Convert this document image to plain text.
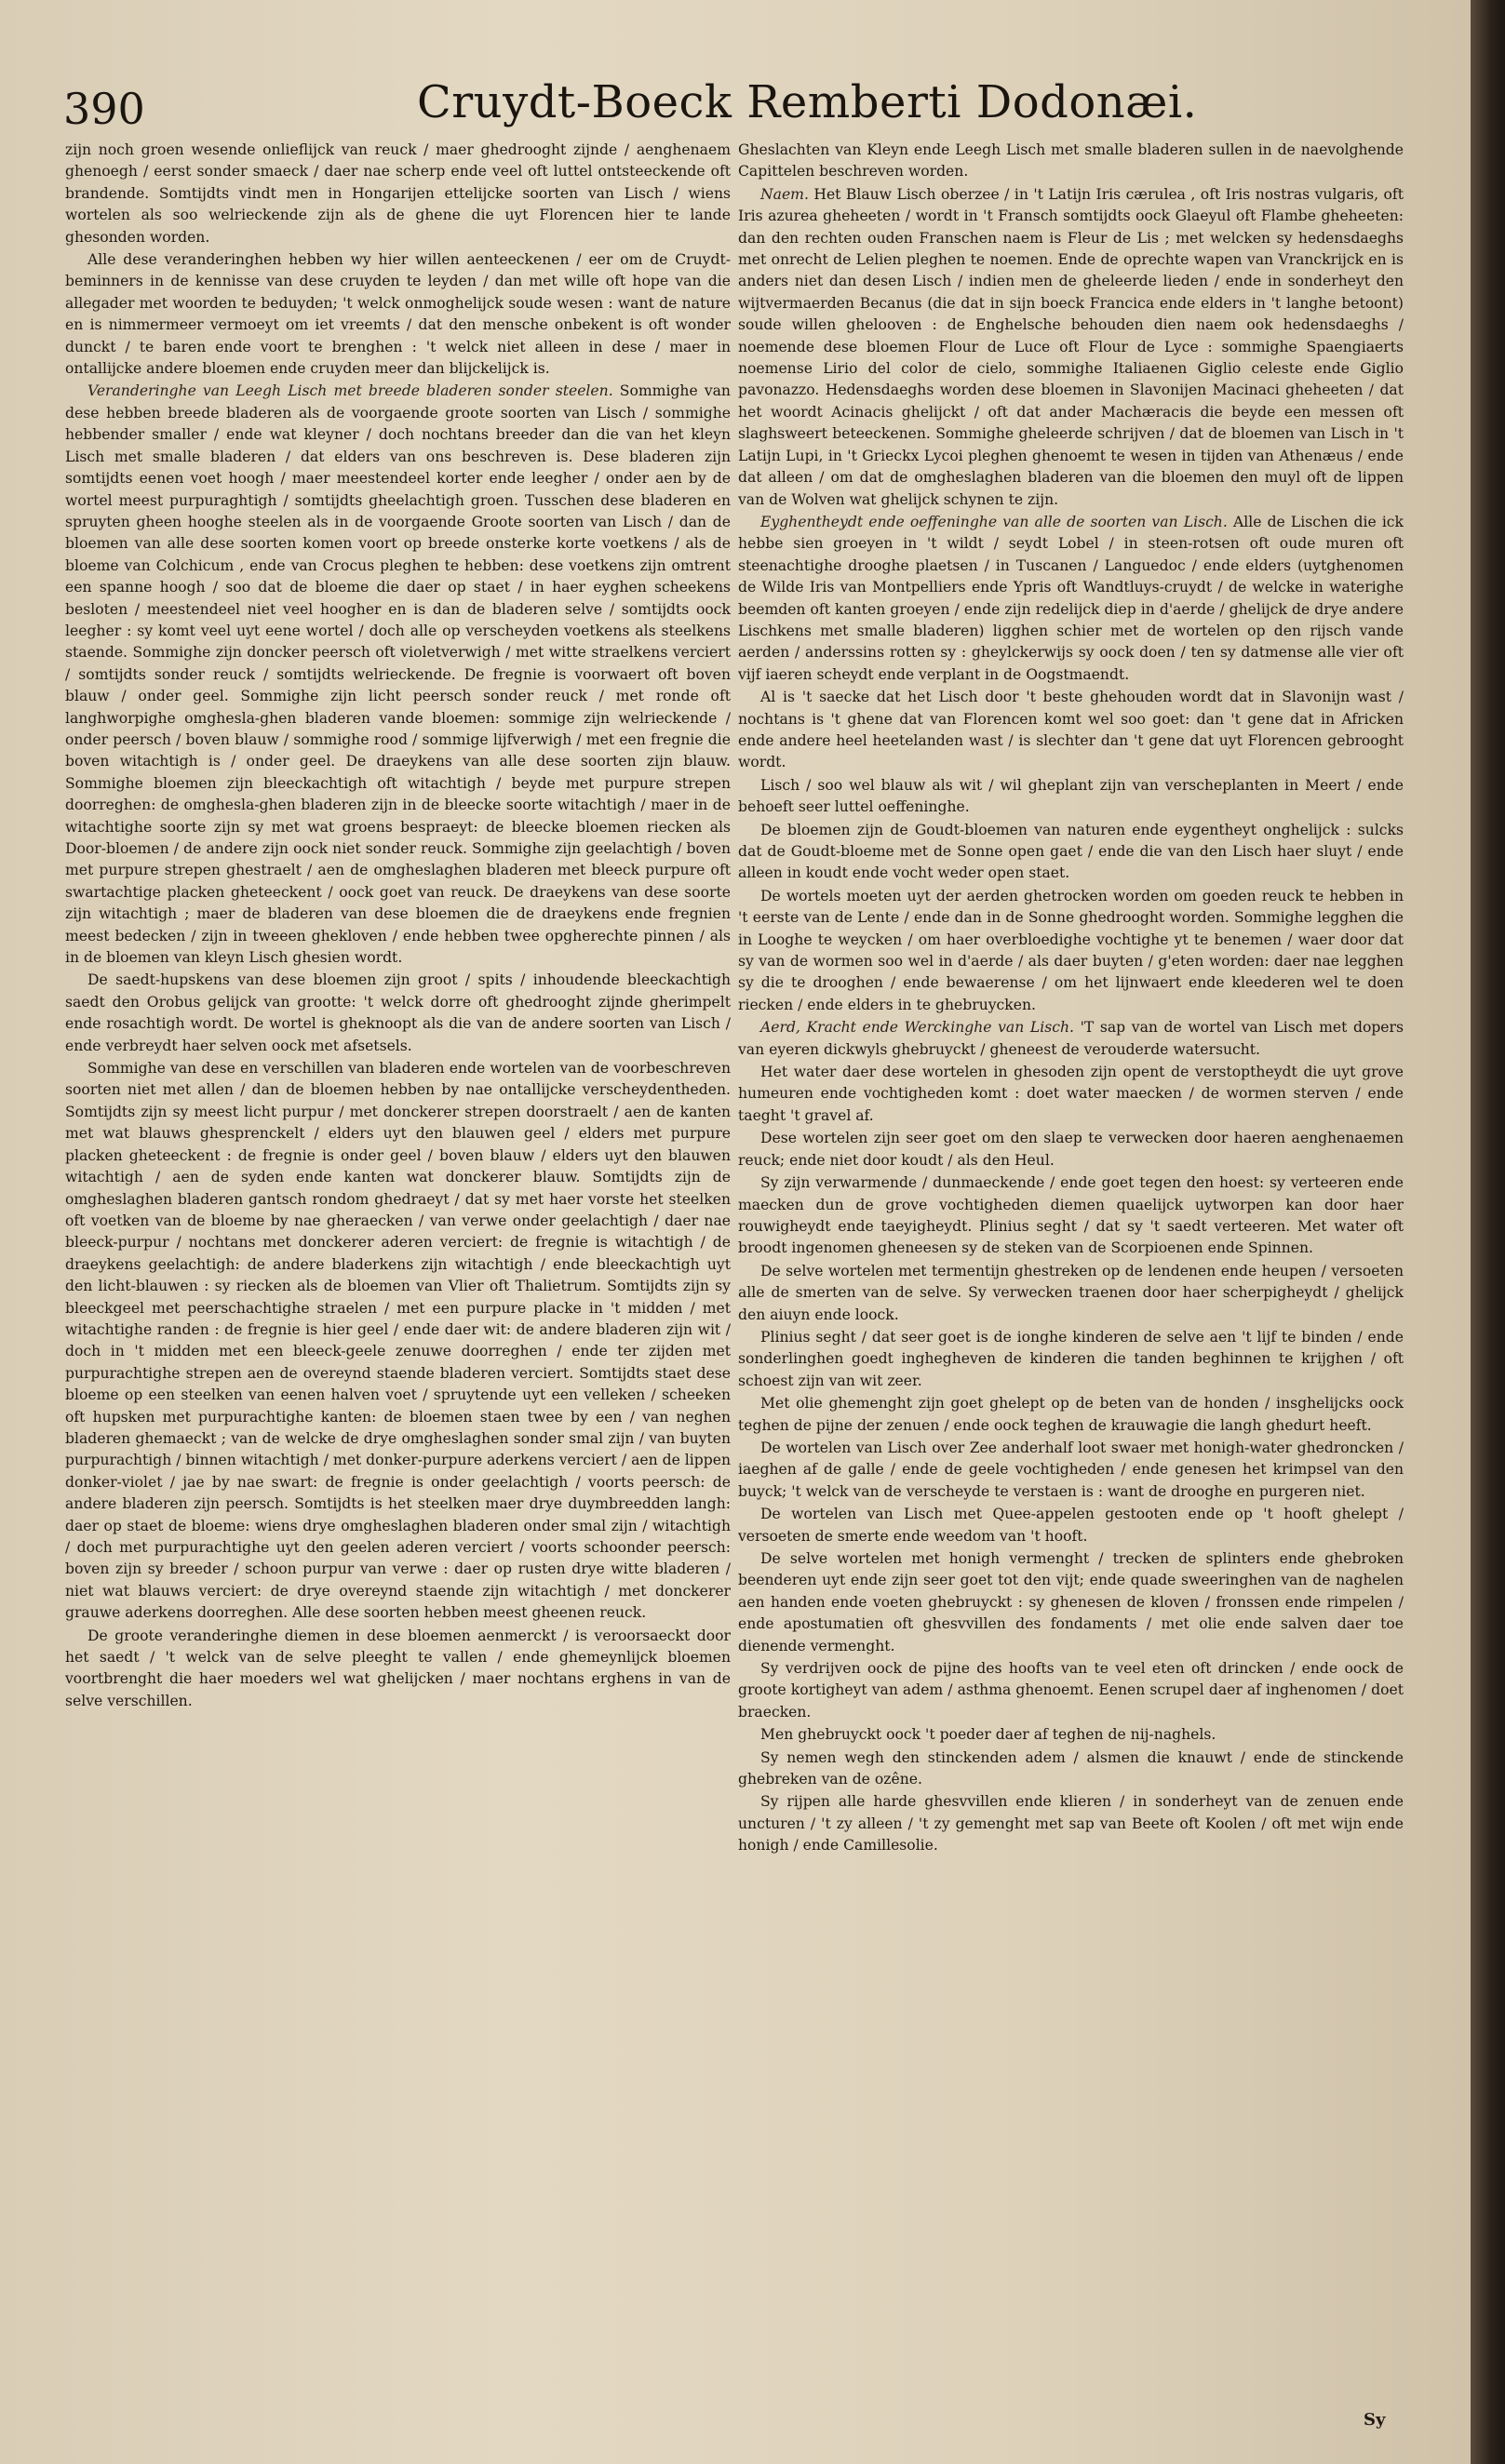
390	Cruydt-Boeck Remberti Dodonæi.

zijn noch groen wesende onlieflijck van reuck / maer ghedrooght zijnde / aenghenaem ghenoegh / eerst sonder smaeck / daer nae scherp ende veel oft luttel ontsteeckende oft brandende. Somtijdts vindt men in Hongarijen ettelijcke soorten van Lisch / wiens wortelen als soo welrieckende zijn als de ghene die uyt Florencen hier te lande ghesonden worden.

Alle dese veranderinghen hebben wy hier willen aenteeckenen / eer om de Cruydt-beminners in de kennisse van dese cruyden te leyden / dan met wille oft hope van die allegader met woorden te beduyden; 't welck onmoghelijck soude wesen : want de nature en is nimmermeer vermoeyt om iet vreemts / dat den mensche onbekent is oft wonder dunckt / te baren ende voort te brenghen : 't welck niet alleen in dese / maer in ontallijcke andere bloemen ende cruyden meer dan blijckelijck is.

Veranderinghe van Leegh Lisch met breede bladeren sonder steelen. Sommighe van dese hebben breede bladeren als de voorgaende groote soorten van Lisch / sommighe hebbender smaller / ende wat kleyner / doch nochtans breeder dan die van het kleyn Lisch met smalle bladeren / dat elders van ons beschreven is. Dese bladeren zijn somtijdts eenen voet hoogh / maer meestendeel korter ende leegher / onder aen by de wortel meest purpuraghtigh / somtijdts gheelachtigh groen. Tusschen dese bladeren en spruyten gheen hooghe steelen als in de voorgaende Groote soorten van Lisch / dan de bloemen van alle dese soorten komen voort op breede onsterke korte voetkens / als de bloeme van Colchicum , ende van Crocus pleghen te hebben: dese voetkens zijn omtrent een spanne hoogh / soo dat de bloeme die daer op staet / in haer eyghen scheekens besloten / meestendeel niet veel hoogher en is dan de bladeren selve / somtijdts oock leegher : sy komt veel uyt eene wortel / doch alle op verscheyden voetkens als steelkens staende. Sommighe zijn doncker peersch oft violetverwigh / met witte straelkens verciert / somtijdts sonder reuck / somtijdts welrieckende. De fregnie is voorwaert oft boven blauw / onder geel. Sommighe zijn licht peersch sonder reuck / met ronde oft langhworpighe omghesla-ghen bladeren vande bloemen: sommige zijn welrieckende / onder peersch / boven blauw / sommighe rood / sommige lijfverwigh / met een fregnie die boven witachtigh is / onder geel. De draeykens van alle dese soorten zijn blauw. Sommighe bloemen zijn bleeckachtigh oft witachtigh / beyde met purpure strepen doorreghen: de omghesla-ghen bladeren zijn in de bleecke soorte witachtigh / maer in de witachtighe soorte zijn sy met wat groens bespraeyt: de bleecke bloemen riecken als Door-bloemen / de andere zijn oock niet sonder reuck. Sommighe zijn geelachtigh / boven met purpure strepen ghestraelt / aen de omgheslaghen bladeren met bleeck purpure oft swartachtige placken gheteeckent / oock goet van reuck. De draeykens van dese soorte zijn witachtigh ; maer de bladeren van dese bloemen die de draeykens ende fregnien meest bedecken / zijn in tweeen ghekloven / ende hebben twee opgherechte pinnen / als in de bloemen van kleyn Lisch ghesien wordt.

De saedt-hupskens van dese bloemen zijn groot / spits / inhoudende bleeckachtigh saedt den Orobus gelijck van grootte: 't welck dorre oft ghedrooght zijnde gherimpelt ende rosachtigh wordt. De wortel is gheknoopt als die van de andere soorten van Lisch / ende verbreydt haer selven oock met afsetsels.

Sommighe van dese en verschillen van bladeren ende wortelen van de voorbeschreven soorten niet met allen / dan de bloemen hebben by nae ontallijcke verscheydentheden. Somtijdts zijn sy meest licht purpur / met donckerer strepen doorstraelt / aen de kanten met wat blauws ghesprenckelt / elders uyt den blauwen geel / elders met purpure placken gheteeckent : de fregnie is onder geel / boven blauw / elders uyt den blauwen witachtigh / aen de syden ende kanten wat donckerer blauw. Somtijdts zijn de omgheslaghen bladeren gantsch rondom ghedraeyt / dat sy met haer vorste het steelken oft voetken van de bloeme by nae gheraecken / van verwe onder geelachtigh / daer nae bleeck-purpur / nochtans met donckerer aderen verciert: de fregnie is witachtigh / de draeykens geelachtigh: de andere bladerkens zijn witachtigh / ende bleeckachtigh uyt den licht-blauwen : sy riecken als de bloemen van Vlier oft Thalietrum. Somtijdts zijn sy bleeckgeel met peerschachtighe straelen / met een purpure placke in 't midden / met witachtighe randen : de fregnie is hier geel / ende daer wit: de andere bladeren zijn wit / doch in 't midden met een bleeck-geele zenuwe doorreghen / ende ter zijden met purpurachtighe strepen aen de overeynd staende bladeren verciert. Somtijdts staet dese bloeme op een steelken van eenen halven voet / spruytende uyt een velleken / scheeken oft hupsken met purpurachtighe kanten: de bloemen staen twee by een / van neghen bladeren ghemaeckt ; van de welcke de drye omgheslaghen sonder smal zijn / van buyten purpurachtigh / binnen witachtigh / met donker-purpure aderkens verciert / aen de lippen donker-violet / jae by nae swart: de fregnie is onder geelachtigh / voorts peersch: de andere bladeren zijn peersch. Somtijdts is het steelken maer drye duymbreedden langh: daer op staet de bloeme: wiens drye omgheslaghen bladeren onder smal zijn / witachtigh / doch met purpurachtighe uyt den geelen aderen verciert / voorts schoonder peersch: boven zijn sy breeder / schoon purpur van verwe : daer op rusten drye witte bladeren / niet wat blauws verciert: de drye overeynd staende zijn witachtigh / met donckerer grauwe aderkens doorreghen. Alle dese soorten hebben meest gheenen reuck.

De groote veranderinghe diemen in dese bloemen aenmerckt / is veroorsaeckt door het saedt / 't welck van de selve pleeght te vallen / ende ghemeynlijck bloemen voortbrenght die haer moeders wel wat ghelijcken / maer nochtans erghens in van de selve verschillen.

Gheslachten van Kleyn ende Leegh Lisch met smalle bladeren sullen in de naevolghende Capittelen beschreven worden.

Naem. Het Blauw Lisch oberzee / in 't Latijn Iris cærulea , oft Iris nostras vulgaris, oft Iris azurea gheheeten / wordt in 't Fransch somtijdts oock Glaeyul oft Flambe gheheeten: dan den rechten ouden Franschen naem is Fleur de Lis ; met welcken sy hedensdaeghs met onrecht de Lelien pleghen te noemen. Ende de oprechte wapen van Vranckrijck en is anders niet dan desen Lisch / indien men de gheleerde lieden / ende in sonderheyt den wijtvermaerden Becanus (die dat in sijn boeck Francica ende elders in 't langhe betoont) soude willen ghelooven : de Enghelsche behouden dien naem ook hedensdaeghs / noemende dese bloemen Flour de Luce oft Flour de Lyce : sommighe Spaengiaerts noemense Lirio del color de cielo, sommighe Italiaenen Giglio celeste ende Giglio pavonazzo. Hedensdaeghs worden dese bloemen in Slavonijen Macinaci gheheeten / dat het woordt Acinacis ghelijckt / oft dat ander Machæracis die beyde een messen oft slaghsweert beteeckenen. Sommighe gheleerde schrijven / dat de bloemen van Lisch in 't Latijn Lupi, in 't Grieckx Lycoi pleghen ghenoemt te wesen in tijden van Athenæus / ende dat alleen / om dat de omgheslaghen bladeren van die bloemen den muyl oft de lippen van de Wolven wat ghelijck schynen te zijn.

Eyghentheydt ende oeffeninghe van alle de soorten van Lisch. Alle de Lischen die ick hebbe sien groeyen in 't wildt / seydt Lobel / in steen-rotsen oft oude muren oft steenachtighe drooghe plaetsen / in Tuscanen / Languedoc / ende elders (uytghenomen de Wilde Iris van Montpelliers ende Ypris oft Wandtluys-cruydt / de welcke in waterighe beemden oft kanten groeyen / ende zijn redelijck diep in d'aerde / ghelijck de drye andere Lischkens met smalle bladeren) ligghen schier met de wortelen op den rijsch vande aerden / anderssins rotten sy : gheylckerwijs sy oock doen / ten sy datmense alle vier oft vijf iaeren scheydt ende verplant in de Oogstmaendt.

Al is 't saecke dat het Lisch door 't beste ghehouden wordt dat in Slavonijn wast / nochtans is 't ghene dat van Florencen komt wel soo goet: dan 't gene dat in Africken ende andere heel heetelanden wast / is slechter dan 't gene dat uyt Florencen gebrooght wordt.

Lisch / soo wel blauw als wit / wil gheplant zijn van verscheplanten in Meert / ende behoeft seer luttel oeffeninghe.

De bloemen zijn de Goudt-bloemen van naturen ende eygentheyt onghelijck : sulcks dat de Goudt-bloeme met de Sonne open gaet / ende die van den Lisch haer sluyt / ende alleen in koudt ende vocht weder open staet.

De wortels moeten uyt der aerden ghetrocken worden om goeden reuck te hebben in 't eerste van de Lente / ende dan in de Sonne ghedrooght worden. Sommighe legghen die in Looghe te weycken / om haer overbloedighe vochtighe yt te benemen / waer door dat sy van de wormen soo wel in d'aerde / als daer buyten / g'eten worden: daer nae legghen sy die te drooghen / ende bewaerense / om het lijnwaert ende kleederen wel te doen riecken / ende elders in te ghebruycken.

Aerd, Kracht ende Werckinghe van Lisch. 'T sap van de wortel van Lisch met dopers van eyeren dickwyls ghebruyckt / gheneest de verouderde watersucht.

Het water daer dese wortelen in ghesoden zijn opent de verstoptheydt die uyt grove humeuren ende vochtigheden komt : doet water maecken / de wormen sterven / ende taeght 't gravel af.

Dese wortelen zijn seer goet om den slaep te verwecken door haeren aenghenaemen reuck; ende niet door koudt / als den Heul.

Sy zijn verwarmende / dunmaeckende / ende goet tegen den hoest: sy verteeren ende maecken dun de grove vochtigheden diemen quaelijck uytworpen kan door haer rouwigheydt ende taeyigheydt. Plinius seght / dat sy 't saedt verteeren. Met water oft broodt ingenomen gheneesen sy de steken van de Scorpioenen ende Spinnen.

De selve wortelen met termentijn ghestreken op de lendenen ende heupen / versoeten alle de smerten van de selve. Sy verwecken traenen door haer scherpigheydt / ghelijck den aiuyn ende loock.

Plinius seght / dat seer goet is de ionghe kinderen de selve aen 't lijf te binden / ende sonderlinghen goedt inghegheven de kinderen die tanden beghinnen te krijghen / oft schoest zijn van wit zeer.

Met olie ghemenght zijn goet ghelept op de beten van de honden / insghelijcks oock teghen de pijne der zenuen / ende oock teghen de krauwagie die langh ghedurt heeft.

De wortelen van Lisch over Zee anderhalf loot swaer met honigh-water ghedroncken / iaeghen af de galle / ende de geele vochtigheden / ende genesen het krimpsel van den buyck; 't welck van de verscheyde te verstaen is : want de drooghe en purgeren niet.

De wortelen van Lisch met Quee-appelen gestooten ende op 't hooft ghelept / versoeten de smerte ende weedom van 't hooft.

De selve wortelen met honigh vermenght / trecken de splinters ende ghebroken beenderen uyt ende zijn seer goet tot den vijt; ende quade sweeringhen van de naghelen aen handen ende voeten ghebruyckt : sy ghenesen de kloven / fronssen ende rimpelen / ende apostumatien oft ghesvvillen des fondaments / met olie ende salven daer toe dienende vermenght.

Sy verdrijven oock de pijne des hoofts van te veel eten oft drincken / ende oock de groote kortigheyt van adem / asthma ghenoemt. Eenen scrupel daer af inghenomen / doet braecken.

Men ghebruyckt oock 't poeder daer af teghen de nij-naghels.

Sy nemen wegh den stinckenden adem / alsmen die knauwt / ende de stinckende ghebreken van de ozêne.

Sy rijpen alle harde ghesvvillen ende klieren / in sonderheyt van de zenuen ende uncturen / 't zy alleen / 't zy gemenght met sap van Beete oft Koolen / oft met wijn ende honigh / ende Camillesolie.

Sy
